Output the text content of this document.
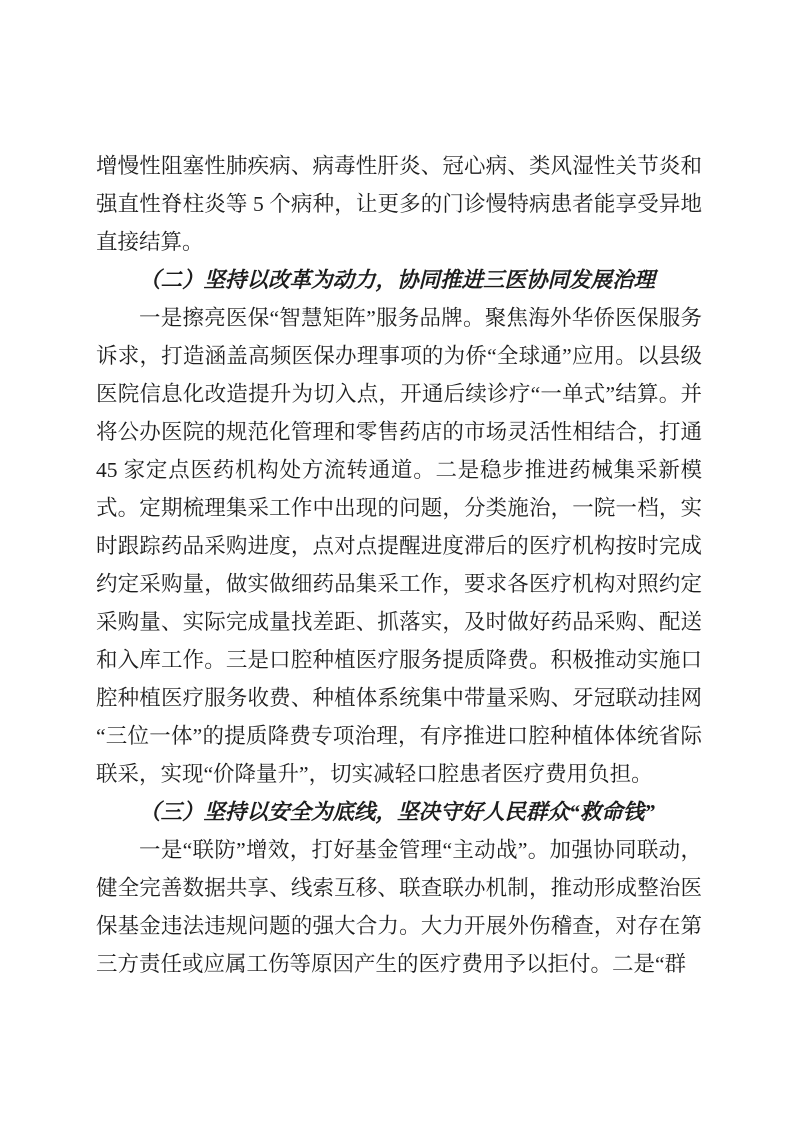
增慢性阻塞性肺疾病、病毒性肝炎、冠心病、类风湿性关节炎和强直性脊柱炎等 5 个病种，让更多的门诊慢特病患者能享受异地直接结算。

（二）坚持以改革为动力，协同推进三医协同发展治理

一是擦亮医保“智慧矩阵”服务品牌。聚焦海外华侨医保服务诉求，打造涵盖高频医保办理事项的为侨“全球通”应用。以县级医院信息化改造提升为切入点，开通后续诊疗“一单式”结算。并将公办医院的规范化管理和零售药店的市场灵活性相结合，打通 45 家定点医药机构处方流转通道。二是稳步推进药械集采新模式。定期梳理集采工作中出现的问题，分类施治，一院一档，实时跟踪药品采购进度，点对点提醒进度滞后的医疗机构按时完成约定采购量，做实做细药品集采工作，要求各医疗机构对照约定采购量、实际完成量找差距、抓落实，及时做好药品采购、配送和入库工作。三是口腔种植医疗服务提质降费。积极推动实施口腔种植医疗服务收费、种植体系统集中带量采购、牙冠联动挂网“三位一体”的提质降费专项治理，有序推进口腔种植体体统省际联采，实现“价降量升”，切实减轻口腔患者医疗费用负担。

（三）坚持以安全为底线，坚决守好人民群众“救命钱”

一是“联防”增效，打好基金管理“主动战”。加强协同联动，健全完善数据共享、线索互移、联查联办机制，推动形成整治医保基金违法违规问题的强大合力。大力开展外伤稽查，对存在第三方责任或应属工伤等原因产生的医疗费用予以拒付。二是“群
